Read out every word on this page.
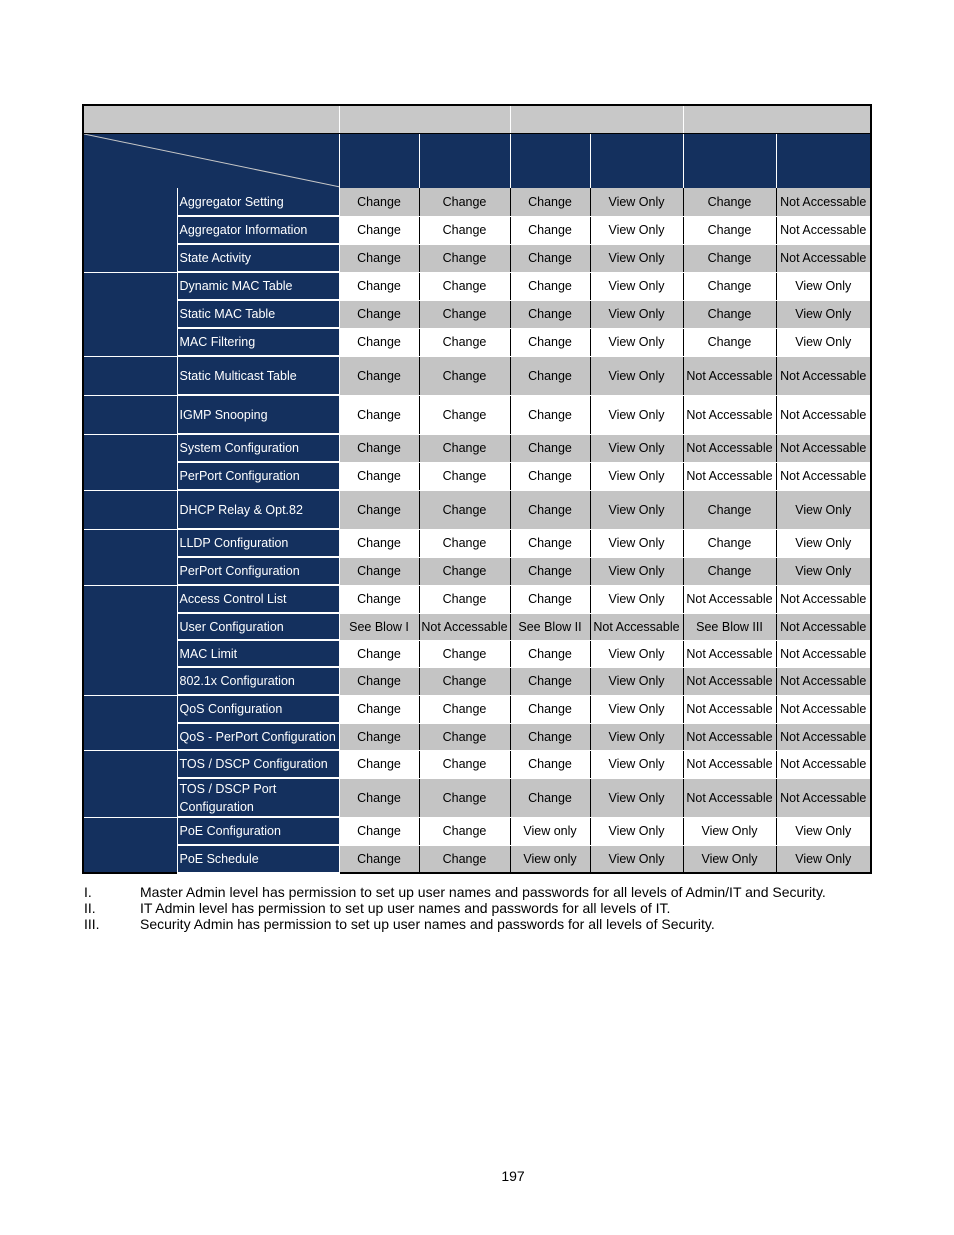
	Aggregator Setting	Change	Change	Change	View Only	Change	Not Accessable
	Aggregator Information	Change	Change	Change	View Only	Change	Not Accessable
	State Activity	Change	Change	Change	View Only	Change	Not Accessable
	Dynamic MAC Table	Change	Change	Change	View Only	Change	View Only
	Static MAC Table	Change	Change	Change	View Only	Change	View Only
	MAC Filtering	Change	Change	Change	View Only	Change	View Only
	Static Multicast Table	Change	Change	Change	View Only	Not Accessable	Not Accessable
	IGMP Snooping	Change	Change	Change	View Only	Not Accessable	Not Accessable
	System Configuration	Change	Change	Change	View Only	Not Accessable	Not Accessable
	PerPort Configuration	Change	Change	Change	View Only	Not Accessable	Not Accessable
	DHCP Relay & Opt.82	Change	Change	Change	View Only	Change	View Only
	LLDP Configuration	Change	Change	Change	View Only	Change	View Only
	PerPort Configuration	Change	Change	Change	View Only	Change	View Only
	Access Control List	Change	Change	Change	View Only	Not Accessable	Not Accessable
	User Configuration	See Blow I	Not Accessable	See Blow II	Not Accessable	See Blow III	Not Accessable
	MAC Limit	Change	Change	Change	View Only	Not Accessable	Not Accessable
	802.1x Configuration	Change	Change	Change	View Only	Not Accessable	Not Accessable
	QoS Configuration	Change	Change	Change	View Only	Not Accessable	Not Accessable
	QoS - PerPort Configuration	Change	Change	Change	View Only	Not Accessable	Not Accessable
	TOS / DSCP Configuration	Change	Change	Change	View Only	Not Accessable	Not Accessable
	TOS / DSCP Port Configuration	Change	Change	Change	View Only	Not Accessable	Not Accessable
	PoE Configuration	Change	Change	View only	View Only	View Only	View Only
	PoE Schedule	Change	Change	View only	View Only	View Only	View Only
I.	Master Admin level has permission to set up user names and passwords for all levels of Admin/IT and Security.
II.	IT Admin level has permission to set up user names and passwords for all levels of IT.
III.	Security Admin has permission to set up user names and passwords for all levels of Security.
197
